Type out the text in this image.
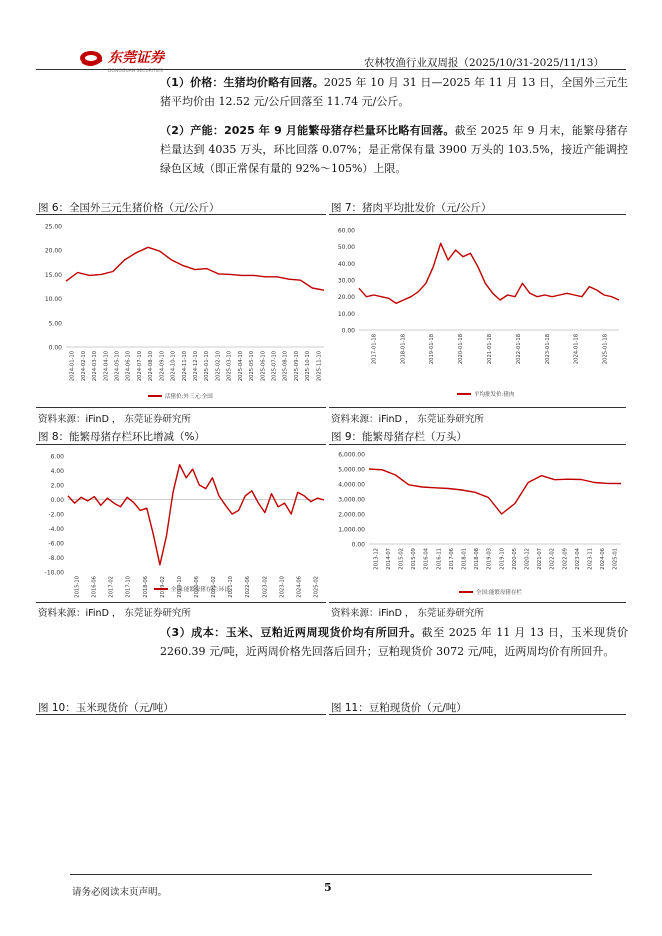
东莞证券
DONGGUAN SECURITIES
农林牧渔行业双周报（2025/10/31-2025/11/13）
（1）价格：生猪均价略有回落。2025 年 10 月 31 日—2025 年 11 月 13 日，全国外三元生猪平均价由 12.52 元/公斤回落至 11.74 元/公斤。
（2）产能：2025 年 9 月能繁母猪存栏量环比略有回落。截至 2025 年 9 月末，能繁母猪存栏量达到 4035 万头，环比回落 0.07%；是正常保有量 3900 万头的 103.5%，接近产能调控绿色区域（即正常保有量的 92%～105%）上限。
图 6：全国外三元生猪价格（元/公斤）
0.00
5.00
10.00
15.00
20.00
25.00
2024-01-10 2024-02-10 2024-03-10 2024-04-10 2024-05-10 2024-06-10 2024-07-10 2024-08-10 2024-09-10 2024-10-10 2024-11-10 2024-12-10 2025-01-10 2025-02-10 2025-03-10 2025-04-10 2025-05-10 2025-06-10 2025-07-10 2025-08-10 2025-09-10 2025-10-10 2025-11-10
活猪价:外三元:全国
资料来源：iFinD ， 东莞证券研究所
图 7：猪肉平均批发价（元/公斤）
0.00
10.00
20.00
30.00
40.00
50.00
60.00
2017-01-18	2018-01-18	2019-01-18	2020-01-18	2021-01-18	2022-01-18	2023-01-18	2024-01-18	2025-01-18
平均批发价:猪肉
资料来源：iFinD ， 东莞证券研究所
图 8：能繁母猪存栏环比增减（%）
6.00
4.00
2.00
0.00
-2.00
-4.00
-6.00
-8.00
-10.00
2015-10 2016-06 2017-02 2017-10 2018-06 2019-02 2019-10 2020-06 2021-02 2021-10 2022-06 2023-02 2023-10 2024-06 2025-02
全国:能繁母猪存栏:环比
资料来源：iFinD ， 东莞证券研究所
图 9：能繁母猪存栏（万头）
0.00
1,000.00
2,000.00
3,000.00
4,000.00
5,000.00
6,000.00
2013-12 2014-07 2015-02 2015-09 2016-04 2016-11 2017-06 2018-01 2018-08 2019-03 2019-10 2020-05 2020-12 2021-07 2022-02 2022-09 2023-04 2023-11 2024-06 2025-01
全国:能繁母猪存栏
资料来源：iFinD ， 东莞证券研究所
（3）成本：玉米、豆粕近两周现货价均有所回升。截至 2025 年 11 月 13 日，玉米现货价 2260.39 元/吨，近两周价格先回落后回升；豆粕现货价 3072 元/吨，近两周均价有所回升。
图 10：玉米现货价（元/吨）	图 11：豆粕现货价（元/吨）
请务必阅读末页声明。	5
